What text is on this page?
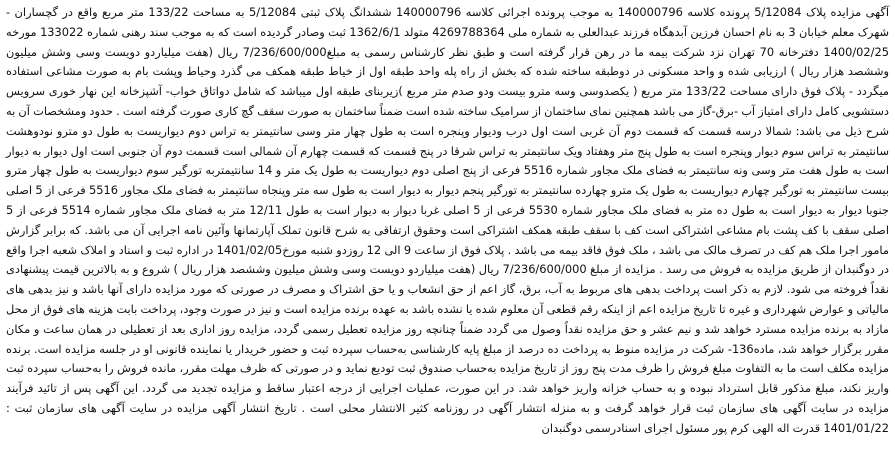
آگهی مزایده پلاک 5/12084 پرونده کلاسه 140000796 به موجب پرونده اجرائی کلاسه 140000796 ششدانگ پلاک ثبتی 5/12084 به مساحت 133/22 متر مربع واقع در گچساران - شهرک معلم خیابان 3 به نام احسان فرزین آبدهگاه فرزند عبدالعلی به شماره ملی 4269788364 متولد 1362/6/1 ثبت وصادر گردیده است که به موجب سند رهنی شماره 133022 مورخه 1400/02/25 دفترخانه 70 تهران نزد شرکت بیمه ما در رهن قرار گرفته است و طبق نظر کارشناس رسمی به مبلغ7/236/600/000 ریال (هفت میلیاردو دویست وسی وشش میلیون وششصد هزار ریال ) ارزیابی شده و واحد مسکونی در دوطبقه ساخته شده که بخش از راه پله واحد طبقه اول از خیاط طبقه همکف می گذرد وحیاط وپشت بام به صورت مشاعی استفاده میگردد - پلاک فوق دارای مساحت 133/22 متر مربع ( یکصدوسی وسه مترو بیست ودو صدم متر مربع )زیربنای طبقه اول میباشد که شامل دواتاق خواب- آشپزخانه این نهار خوری سرویس دستشویی کامل دارای امتیاز آب -برق-گاز می باشد همچنین نمای ساختمان از سرامیک ساخته شده است ضمناً ساختمان به صورت سقف گچ کاری صورت گرفته است . حدود ومشخصات آن به شرح ذیل می باشد: شمالا درسه قسمت که قسمت دوم آن غربی است اول درب ودیوار وپنجره است به طول چهار متر وسی سانتیمتر به تراس دوم دیواریست به طول دو مترو نودوهشت سانتیمتر به تراس سوم دیوار وپنجره است به طول پنج متر وهفتاد ویک سانتیمتر به تراس شرقا در پنج قسمت که قسمت چهارم آن شمالی است قسمت دوم آن جنوبی است اول دیوار به دیوار است به طول هفت متر وسی ونه سانتیمتر به فضای ملک مجاور شماره 5516 فرعی از پنج اصلی دوم دیواریست به طول یک متر و 14 سانتیمتربه تورگیر سوم دیواریست به طول چهار مترو بیست سانتیمتر به تورگیر چهارم دیواریست به طول یک مترو چهارده سانتیمتر به تورگیر پنجم دیوار به دیوار است به طول سه متر وپنجاه سانتیمتر به فضای ملک مجاور 5516 فرعی از 5 اصلی جنوبا دیوار به دیوار است به طول ده متر به فضای ملک مجاور شماره 5530 فرعی از 5 اصلی غربا دیوار به دیوار است به طول 12/11 متر به فضای ملک مجاور شماره 5514 فرعی از 5 اصلی سقف با کف پشت بام مشاعی اشتراکی است کف با سقف طبقه همکف اشتراکی است وحقوق ارتفاقی به شرح قانون تملک آپارتمانها وآئین نامه اجرایی آن می باشد. که برابر گزارش مامور اجرا ملک هم کف در تصرف مالک می باشد ، ملک فوق فاقد بیمه می باشد . پلاک فوق از ساعت 9 الی 12 روزدو شنبه مورخ1401/02/05 در اداره ثبت و اسناد و املاک شعبه اجرا واقع در دوگنبدان از طریق مزایده به فروش می رسد . مزایده از مبلغ 7/236/600/000 ریال (هفت میلیاردو دویست وسی وشش میلیون وششصد هزار ریال ) شروع و به بالاترین قیمت پیشنهادی نقداً فروخته می شود. لازم به ذکر است پرداخت بدهی های مربوط به آب، برق، گاز اعم از حق انشعاب و یا حق اشتراک و مصرف در صورتی که مورد مزایده دارای آنها باشد و نیز بدهی های مالیاتی و عوارض شهرداری و غیره تا تاریخ مزایده اعم از اینکه رقم قطعی آن معلوم شده یا نشده باشد به عهده برنده مزایده است و نیز در صورت وجود، پرداخت بابت هزینه های فوق از محل مازاد به برنده مزایده مسترد خواهد شد و نیم عشر و حق مزایده نقداً وصول می گردد ضمناً چنانچه روز مزایده تعطیل رسمی گردد، مزایده روز اداری بعد از تعطیلی در همان ساعت و مکان مقرر برگزار خواهد شد، ماده136- شرکت در مزایده منوط به پرداخت ده درصد از مبلغ پایه کارشناسی به‌حساب سپرده ثبت و حضور خریدار یا نماینده قانونی او در جلسه مزایده است. برنده مزایده مکلف است ما به التفاوت مبلغ فروش را ظرف مدت پنج روز از تاریخ مزایده به‌حساب صندوق ثبت تودیع نماید و در صورتی که ظرف مهلت مقرر، مانده فروش را به‌حساب سپرده ثبت واریز نکند، مبلغ مذکور قابل استرداد نبوده و به حساب خزانه واریز خواهد شد. در این صورت، عملیات اجرایی از درجه اعتبار ساقط و مزایده تجدید می گردد. این آگهی پس از تائید فرآیند مزایده در سایت آگهی های سازمان ثبت قرار خواهد گرفت و به منزله انتشار آگهی در روزنامه کثیر الانتشار محلی است . تاریخ انتشار آگهی مزایده در سایت آگهی های سازمان ثبت : 1401/01/22 قدرت اله الهی کرم پور مسئول اجرای اسنادرسمی دوگنبدان
